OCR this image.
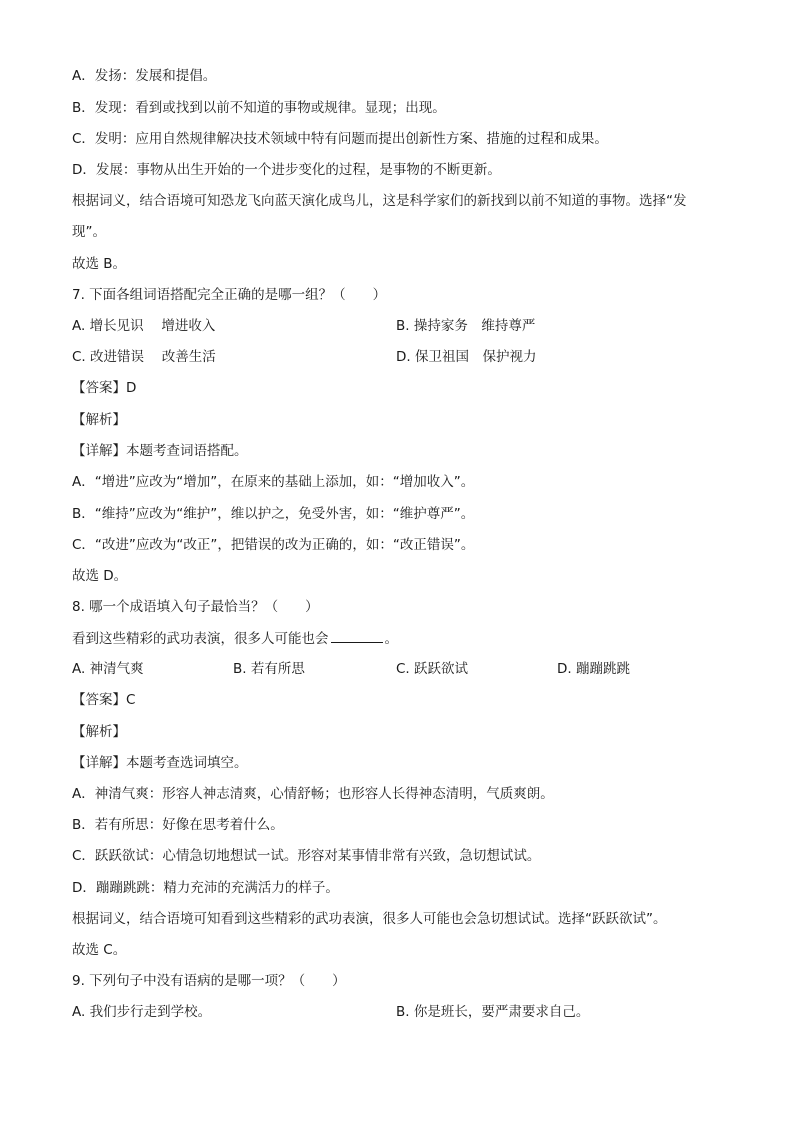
A．发扬：发展和提倡。
B．发现：看到或找到以前不知道的事物或规律。显现；出现。
C．发明：应用自然规律解决技术领域中特有问题而提出创新性方案、措施的过程和成果。
D．发展：事物从出生开始的一个进步变化的过程，是事物的不断更新。
根据词义，结合语境可知恐龙飞向蓝天演化成鸟儿，这是科学家们的新找到以前不知道的事物。选择“发
现”。
故选 B。
7. 下面各组词语搭配完全正确的是哪一组？（　　）
A. 增长见识　 增进收入	B. 操持家务　维持尊严
C. 改进错误　 改善生活	D. 保卫祖国　保护视力
【答案】D
【解析】
【详解】本题考查词语搭配。
A．“增进”应改为“增加”，在原来的基础上添加，如：“增加收入”。
B．“维持”应改为“维护”，维以护之，免受外害，如：“维护尊严”。
C．“改进”应改为“改正”，把错误的改为正确的，如：“改正错误”。
故选 D。
8. 哪一个成语填入句子最恰当？（　　）
看到这些精彩的武功表演，很多人可能也会	。
A. 神清气爽	B. 若有所思	C. 跃跃欲试	D. 蹦蹦跳跳
【答案】C
【解析】
【详解】本题考查选词填空。
A．神清气爽：形容人神志清爽，心情舒畅；也形容人长得神态清明，气质爽朗。
B．若有所思：好像在思考着什么。
C．跃跃欲试：心情急切地想试一试。形容对某事情非常有兴致，急切想试试。
D．蹦蹦跳跳：精力充沛的充满活力的样子。
根据词义，结合语境可知看到这些精彩的武功表演，很多人可能也会急切想试试。选择“跃跃欲试”。
故选 C。
9. 下列句子中没有语病的是哪一项？（　　）
A. 我们步行走到学校。	B. 你是班长，要严肃要求自己。
